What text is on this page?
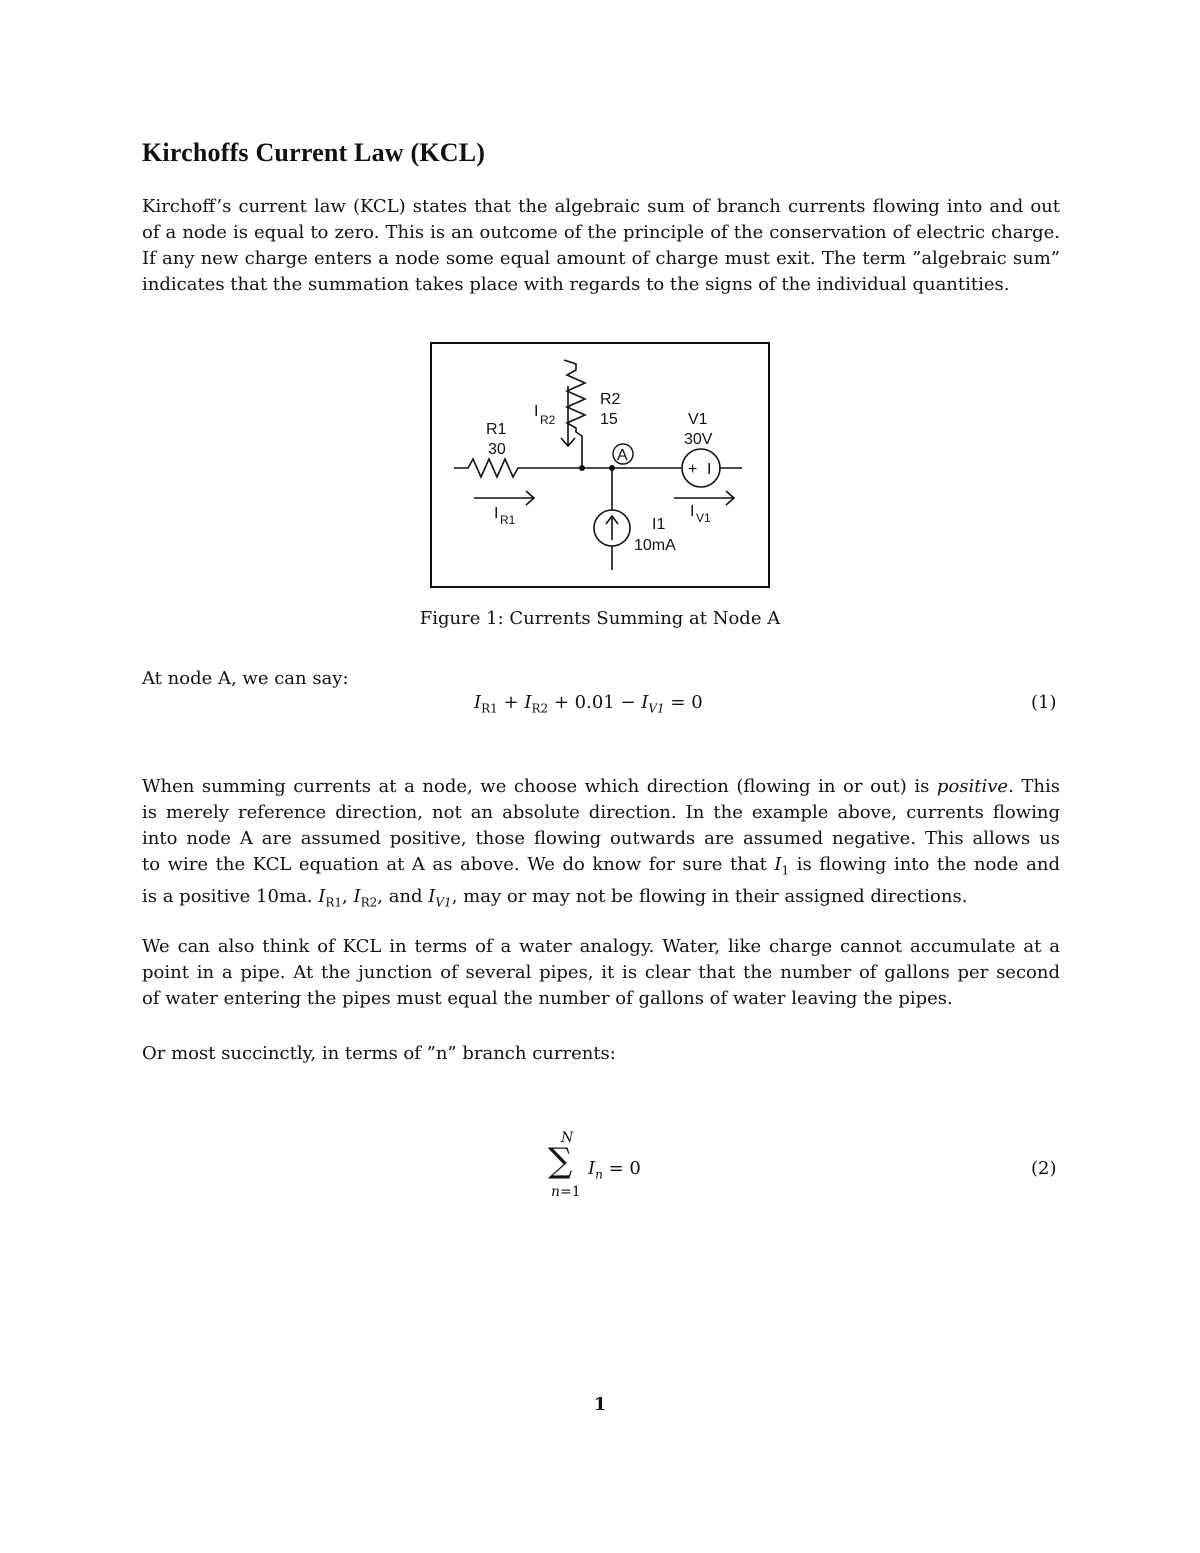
Kirchoffs Current Law (KCL)

Kirchoff’s current law (KCL) states that the algebraic sum of branch currents flowing into and out
of a node is equal to zero. This is an outcome of the principle of the conservation of electric charge.
If any new charge enters a node some equal amount of charge must exit. The term ”algebraic sum”
indicates that the summation takes place with regards to the signs of the individual quantities.

+ I
A
R1
30
R2
15	V1
30V
I1
10mA
I R1
I R2
I V1

Figure 1: Currents Summing at Node A

At node A, we can say:

$I_{R1} + I_{R2} + 0.01 - I_{V1} = 0$	(1)

When summing currents at a node, we choose which direction (flowing in or out) is positive. This
is merely reference direction, not an absolute direction. In the example above, currents flowing
into node A are assumed positive, those flowing outwards are assumed negative. This allows us
to wire the KCL equation at A as above. We do know for sure that $I_1$ is flowing into the node and
is a positive 10ma. $I_{R1}$, $I_{R2}$, and $I_{V1}$, may or may not be flowing in their assigned directions.

We can also think of KCL in terms of a water analogy. Water, like charge cannot accumulate at a
point in a pipe. At the junction of several pipes, it is clear that the number of gallons per second
of water entering the pipes must equal the number of gallons of water leaving the pipes.

Or most succinctly, in terms of ”n” branch currents:

N
∑
n=1
$I_n = 0$	(2)
1
